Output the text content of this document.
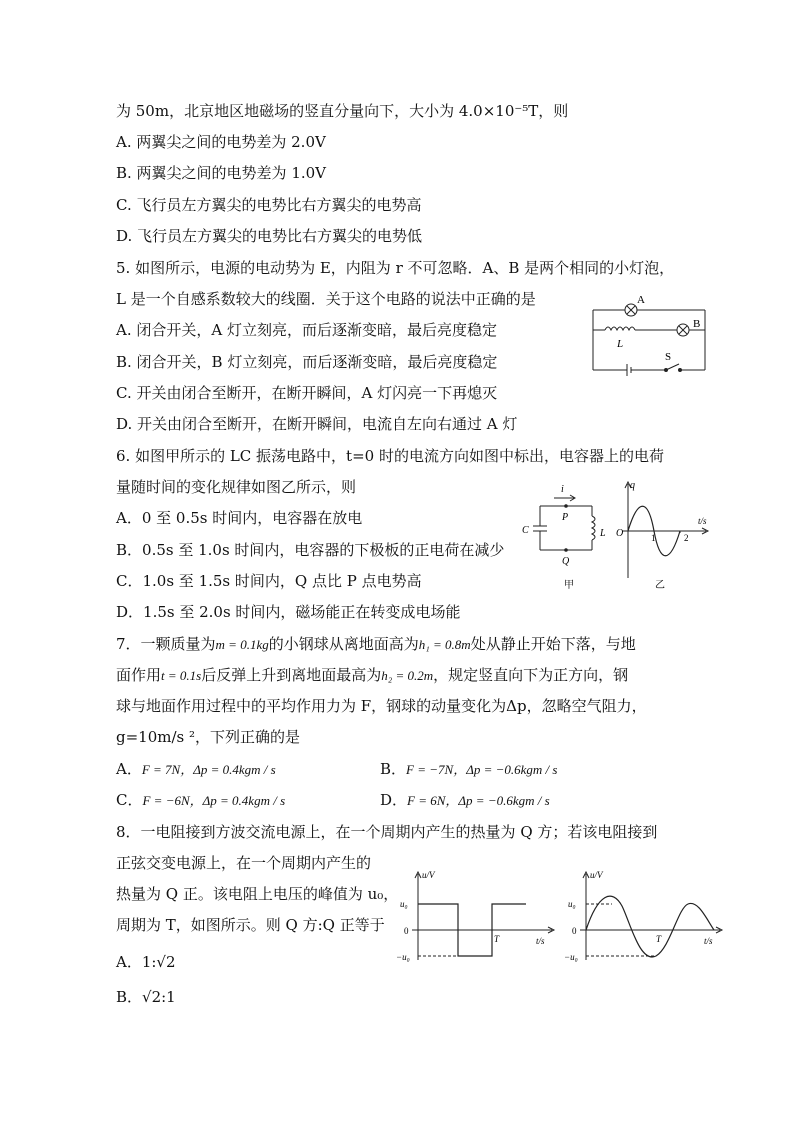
为 50m，北京地区地磁场的竖直分量向下，大小为 4.0×10⁻⁵T，则
A. 两翼尖之间的电势差为 2.0V
B. 两翼尖之间的电势差为 1.0V
C. 飞行员左方翼尖的电势比右方翼尖的电势高
D. 飞行员左方翼尖的电势比右方翼尖的电势低
5. 如图所示，电源的电动势为 E，内阻为 r 不可忽略．A、B 是两个相同的小灯泡，
L 是一个自感系数较大的线圈．关于这个电路的说法中正确的是
A. 闭合开关，A 灯立刻亮，而后逐渐变暗，最后亮度稳定
B. 闭合开关，B 灯立刻亮，而后逐渐变暗，最后亮度稳定
C. 开关由闭合至断开，在断开瞬间，A 灯闪亮一下再熄灭
D. 开关由闭合至断开，在断开瞬间，电流自左向右通过 A 灯
6. 如图甲所示的 LC 振荡电路中，t=0 时的电流方向如图中标出，电容器上的电荷
量随时间的变化规律如图乙所示，则
A．0 至 0.5s 时间内，电容器在放电
B．0.5s 至 1.0s 时间内，电容器的下极板的正电荷在减少
C．1.0s 至 1.5s 时间内，Q 点比 P 点电势高
D．1.5s 至 2.0s 时间内，磁场能正在转变成电场能
7．一颗质量为m = 0.1kg的小钢球从离地面高为h₁ = 0.8m处从静止开始下落，与地
面作用t = 0.1s后反弹上升到离地面最高为h₂ = 0.2m，规定竖直向下为正方向，钢
球与地面作用过程中的平均作用力为 F，钢球的动量变化为Δp，忽略空气阻力，
g=10m/s ²，下列正确的是
A．F = 7N，Δp = 0.4kgm / s	B．F = −7N，Δp = −0.6kgm / s
C．F = −6N，Δp = 0.4kgm / s	D．F = 6N，Δp = −0.6kgm / s
8．一电阻接到方波交流电源上，在一个周期内产生的热量为 Q 方；若该电阻接到
正弦交变电源上，在一个周期内产生的
热量为 Q 正。该电阻上电压的峰值为 u₀，
周期为 T，如图所示。则 Q 方:Q 正等于
A．1:√2
B．√2:1
A
B
L
S
i
P
Q
C	L
q
O	1	2
t/s
甲	乙
u/V
u₀
0
−u₀
T	t/s
u/V
u₀
0
−u₀
T	t/s
